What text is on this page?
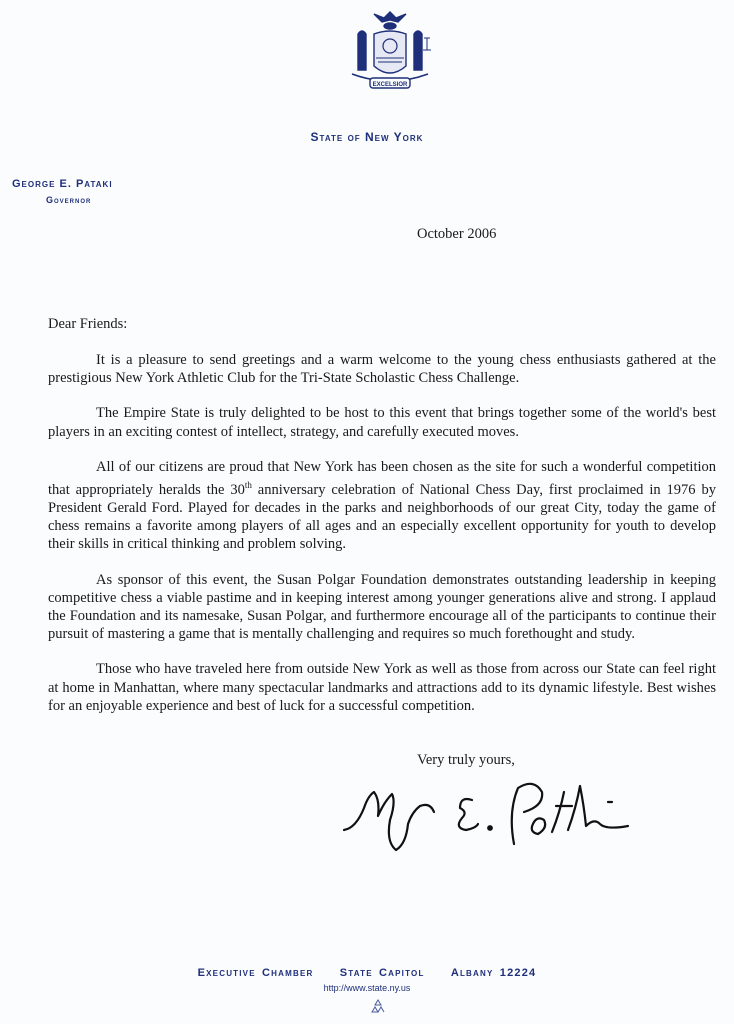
EXCELSIOR
State of New York
George E. Pataki
Governor
October 2006
Dear Friends:

It is a pleasure to send greetings and a warm welcome to the young chess enthusiasts gathered at the prestigious New York Athletic Club for the Tri-State Scholastic Chess Challenge.

The Empire State is truly delighted to be host to this event that brings together some of the world's best players in an exciting contest of intellect, strategy, and carefully executed moves.

All of our citizens are proud that New York has been chosen as the site for such a wonderful competition that appropriately heralds the 30th anniversary celebration of National Chess Day, first proclaimed in 1976 by President Gerald Ford. Played for decades in the parks and neighborhoods of our great City, today the game of chess remains a favorite among players of all ages and an especially excellent opportunity for youth to develop their skills in critical thinking and problem solving.

As sponsor of this event, the Susan Polgar Foundation demonstrates outstanding leadership in keeping competitive chess a viable pastime and in keeping interest among younger generations alive and strong. I applaud the Foundation and its namesake, Susan Polgar, and furthermore encourage all of the participants to continue their pursuit of mastering a game that is mentally challenging and requires so much forethought and study.

Those who have traveled here from outside New York as well as those from across our State can feel right at home in Manhattan, where many spectacular landmarks and attractions add to its dynamic lifestyle. Best wishes for an enjoyable experience and best of luck for a successful competition.

Very truly yours,
Executive Chamber State Capitol Albany 12224
http://www.state.ny.us
